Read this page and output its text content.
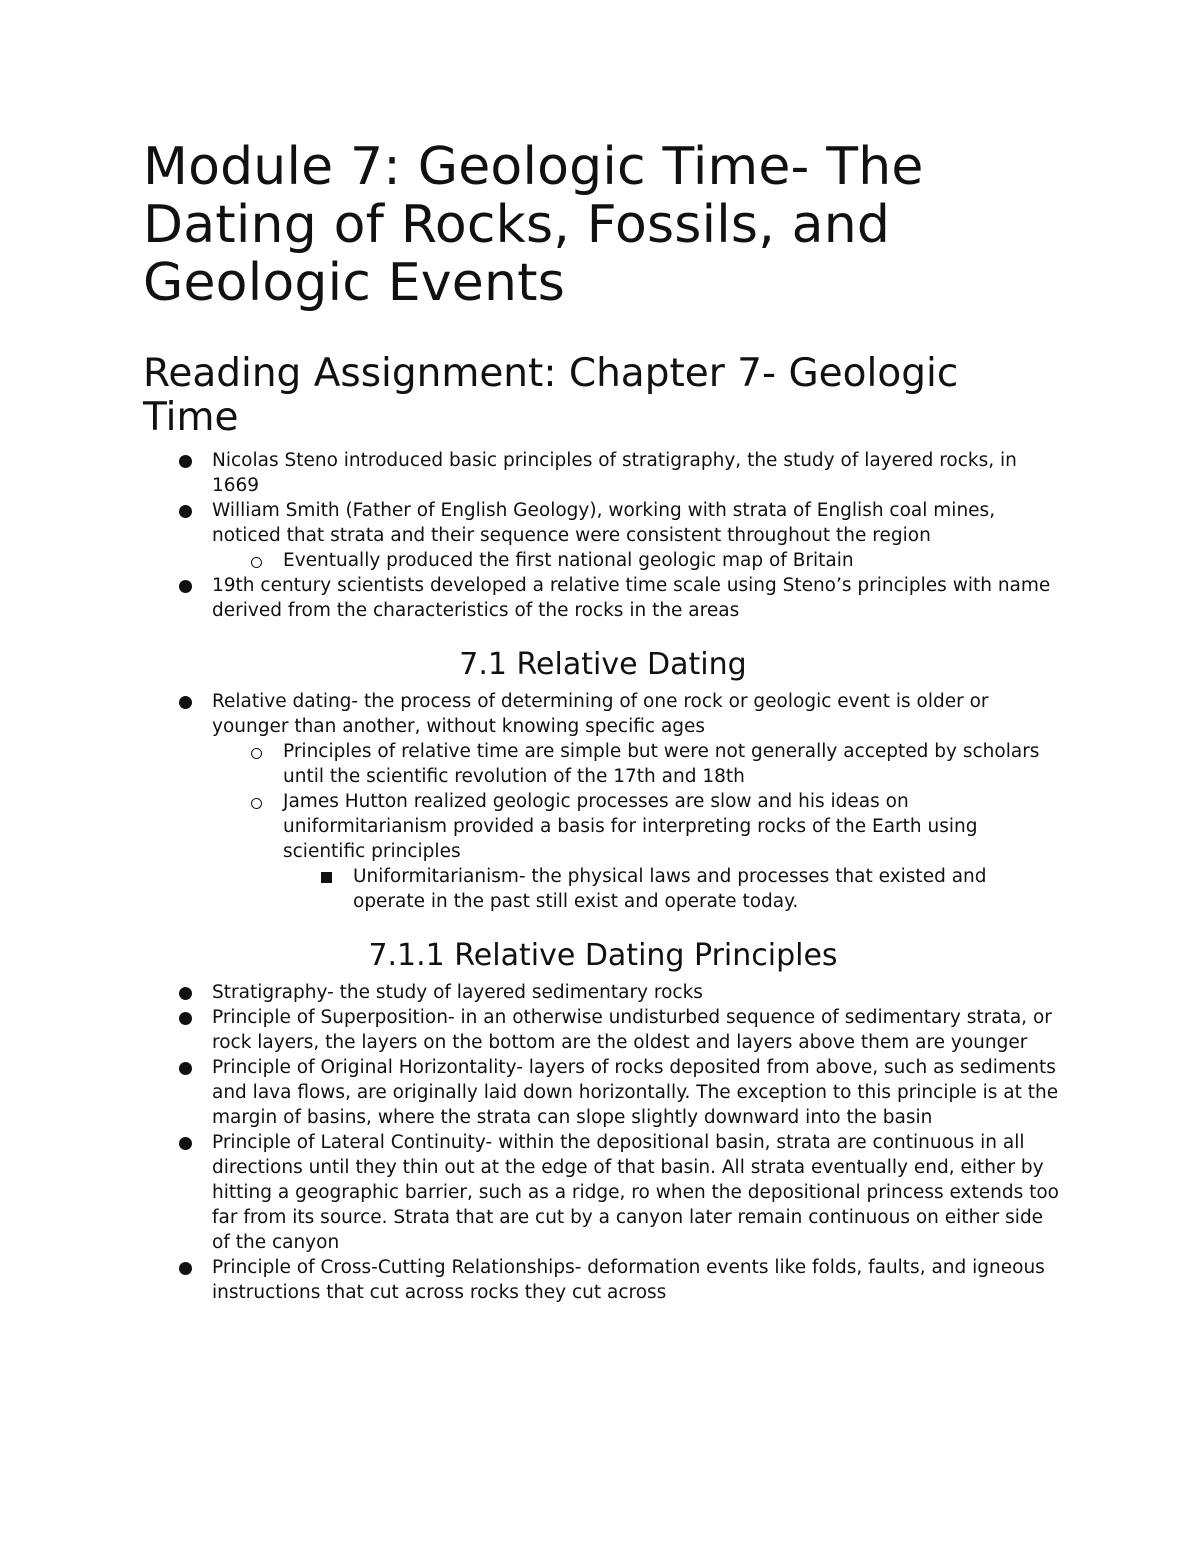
Module 7: Geologic Time- The Dating of Rocks, Fossils, and Geologic Events
Reading Assignment: Chapter 7- Geologic Time
Nicolas Steno introduced basic principles of stratigraphy, the study of layered rocks, in 1669
William Smith (Father of English Geology), working with strata of English coal mines, noticed that strata and their sequence were consistent throughout the region
Eventually produced the first national geologic map of Britain
19th century scientists developed a relative time scale using Steno’s principles with name derived from the characteristics of the rocks in the areas
7.1 Relative Dating
Relative dating- the process of determining of one rock or geologic event is older or younger than another, without knowing specific ages
Principles of relative time are simple but were not generally accepted by scholars until the scientific revolution of the 17th and 18th
James Hutton realized geologic processes are slow and his ideas on uniformitarianism provided a basis for interpreting rocks of the Earth using scientific principles
Uniformitarianism- the physical laws and processes that existed and operate in the past still exist and operate today.
7.1.1 Relative Dating Principles
Stratigraphy- the study of layered sedimentary rocks
Principle of Superposition- in an otherwise undisturbed sequence of sedimentary strata, or rock layers, the layers on the bottom are the oldest and layers above them are younger
Principle of Original Horizontality- layers of rocks deposited from above, such as sediments and lava flows, are originally laid down horizontally. The exception to this principle is at the margin of basins, where the strata can slope slightly downward into the basin
Principle of Lateral Continuity- within the depositional basin, strata are continuous in all directions until they thin out at the edge of that basin. All strata eventually end, either by hitting a geographic barrier, such as a ridge, ro when the depositional princess extends too far from its source. Strata that are cut by a canyon later remain continuous on either side of the canyon
Principle of Cross-Cutting Relationships- deformation events like folds, faults, and igneous instructions that cut across rocks they cut across
